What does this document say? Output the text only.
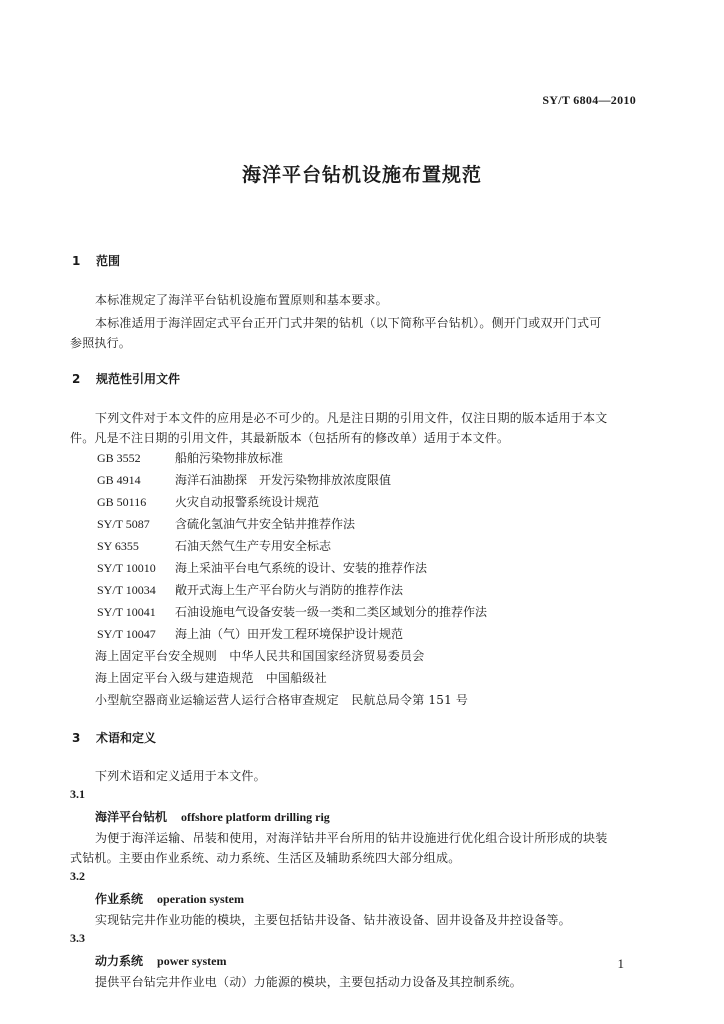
SY/T 6804—2010
海洋平台钻机设施布置规范
1 范围

本标准规定了海洋平台钻机设施布置原则和基本要求。

本标准适用于海洋固定式平台正开门式井架的钻机（以下简称平台钻机）。侧开门或双开门式可

参照执行。

2 规范性引用文件

下列文件对于本文件的应用是必不可少的。凡是注日期的引用文件，仅注日期的版本适用于本文

件。凡是不注日期的引用文件，其最新版本（包括所有的修改单）适用于本文件。

GB 3552	船舶污染物排放标准
GB 4914	海洋石油勘探　开发污染物排放浓度限值
GB 50116 火灾自动报警系统设计规范
SY/T 5087 含硫化氢油气井安全钻井推荐作法
SY 6355	石油天然气生产专用安全标志
SY/T 10010 海上采油平台电气系统的设计、安装的推荐作法
SY/T 10034 敞开式海上生产平台防火与消防的推荐作法
SY/T 10041 石油设施电气设备安装一级一类和二类区域划分的推荐作法
SY/T 10047 海上油（气）田开发工程环境保护设计规范

海上固定平台安全规则　中华人民共和国国家经济贸易委员会

海上固定平台入级与建造规范　中国船级社

小型航空器商业运输运营人运行合格审查规定　民航总局令第 151 号

3 术语和定义

下列术语和定义适用于本文件。

3.1
海洋平台钻机 offshore platform drilling rig

为便于海洋运输、吊装和使用，对海洋钻井平台所用的钻井设施进行优化组合设计所形成的块装

式钻机。主要由作业系统、动力系统、生活区及辅助系统四大部分组成。

3.2
作业系统 operation system

实现钻完井作业功能的模块，主要包括钻井设备、钻井液设备、固井设备及井控设备等。

3.3
动力系统 power system

提供平台钻完井作业电（动）力能源的模块，主要包括动力设备及其控制系统。

1
